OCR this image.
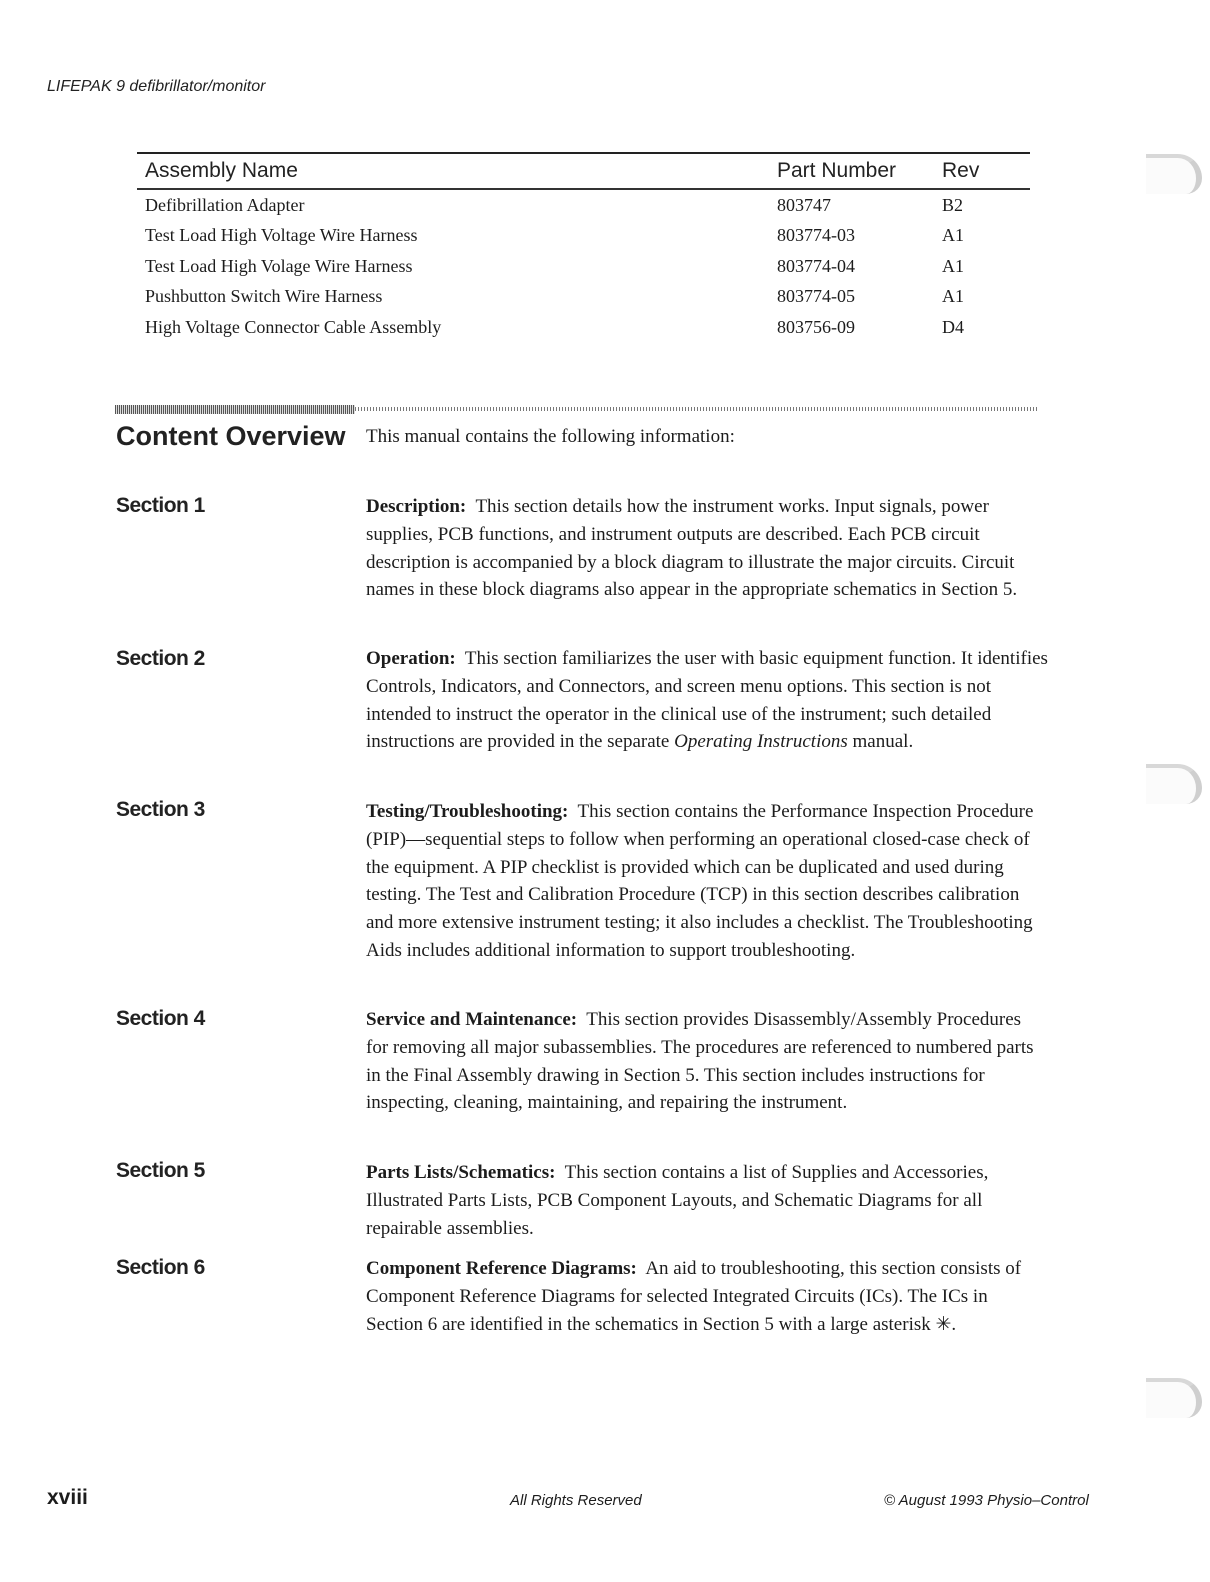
LIFEPAK 9 defibrillator/monitor
Assembly Name	Part Number	Rev
Defibrillation Adapter	803747	B2
Test Load High Voltage Wire Harness	803774-03	A1
Test Load High Volage Wire Harness	803774-04	A1
Pushbutton Switch Wire Harness	803774-05	A1
High Voltage Connector Cable Assembly	803756-09	D4
Content Overview This manual contains the following information:
Section 1	Description: This section details how the instrument works. Input signals, power supplies, PCB functions, and instrument outputs are described. Each PCB circuit description is accompanied by a block diagram to illustrate the major circuits. Circuit names in these block diagrams also appear in the appropriate schematics in Section 5.
Section 2	Operation: This section familiarizes the user with basic equipment function. It identifies Controls, Indicators, and Connectors, and screen menu options. This section is not intended to instruct the operator in the clinical use of the instrument; such detailed instructions are provided in the separate Operating Instructions manual.
Section 3	Testing/Troubleshooting: This section contains the Performance Inspection Procedure (PIP)—sequential steps to follow when performing an operational closed-case check of the equipment. A PIP checklist is provided which can be duplicated and used during testing. The Test and Calibration Procedure (TCP) in this section describes calibration and more extensive instrument testing; it also includes a checklist. The Troubleshooting Aids includes additional information to support troubleshooting.
Section 4	Service and Maintenance: This section provides Disassembly/Assembly Procedures for removing all major subassemblies. The procedures are referenced to numbered parts in the Final Assembly drawing in Section 5. This section includes instructions for inspecting, cleaning, maintaining, and repairing the instrument.
Section 5	Parts Lists/Schematics: This section contains a list of Supplies and Accessories, Illustrated Parts Lists, PCB Component Layouts, and Schematic Diagrams for all repairable assemblies.
Section 6	Component Reference Diagrams: An aid to troubleshooting, this section consists of Component Reference Diagrams for selected Integrated Circuits (ICs). The ICs in Section 6 are identified in the schematics in Section 5 with a large asterisk ✳.
xviii	All Rights Reserved	© August 1993 Physio–Control
